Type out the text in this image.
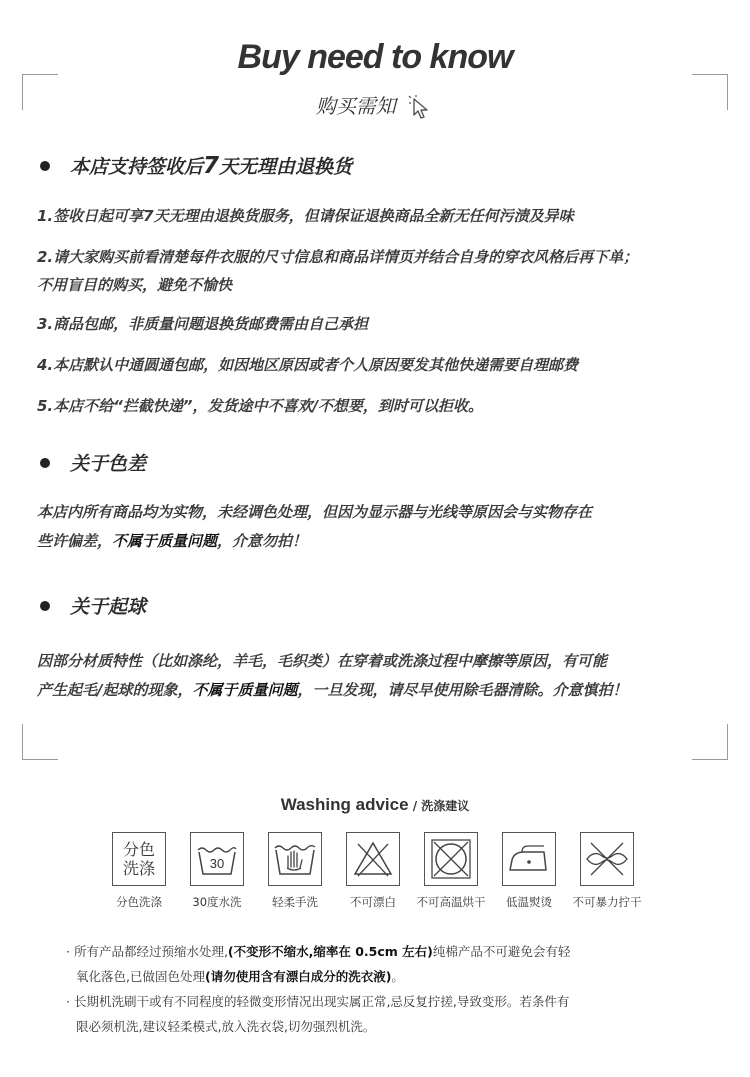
Buy need to know
购买需知
本店支持签收后7天无理由退换货
1.签收日起可享7天无理由退换货服务，但请保证退换商品全新无任何污渍及异味
2.请大家购买前看清楚每件衣服的尺寸信息和商品详情页并结合自身的穿衣风格后再下单；
不用盲目的购买，避免不愉快
3.商品包邮，非质量问题退换货邮费需由自己承担
4.本店默认中通圆通包邮，如因地区原因或者个人原因要发其他快递需要自理邮费
5.本店不给“拦截快递”，发货途中不喜欢/不想要，到时可以拒收。
关于色差
本店内所有商品均为实物，未经调色处理，但因为显示器与光线等原因会与实物存在
些许偏差，不属于质量问题，介意勿拍！
关于起球
因部分材质特性（比如涤纶，羊毛，毛织类）在穿着或洗涤过程中摩擦等原因，有可能
产生起毛/起球的现象，不属于质量问题，一旦发现，请尽早使用除毛器清除。介意慎拍！
Washing advice / 洗涤建议
分色
洗涤
分色洗涤
30
30度水洗	轻柔手洗	不可漂白	不可高温烘干	低温熨烫	不可暴力拧干
· 所有产品都经过预缩水处理,(不变形不缩水,缩率在 0.5cm 左右)纯棉产品不可避免会有轻
氧化落色,已做固色处理(请勿使用含有漂白成分的洗衣液)。
· 长期机洗刷干或有不同程度的轻微变形情况出现实属正常,忌反复拧搓,导致变形。若条件有
限必须机洗,建议轻柔模式,放入洗衣袋,切勿强烈机洗。
